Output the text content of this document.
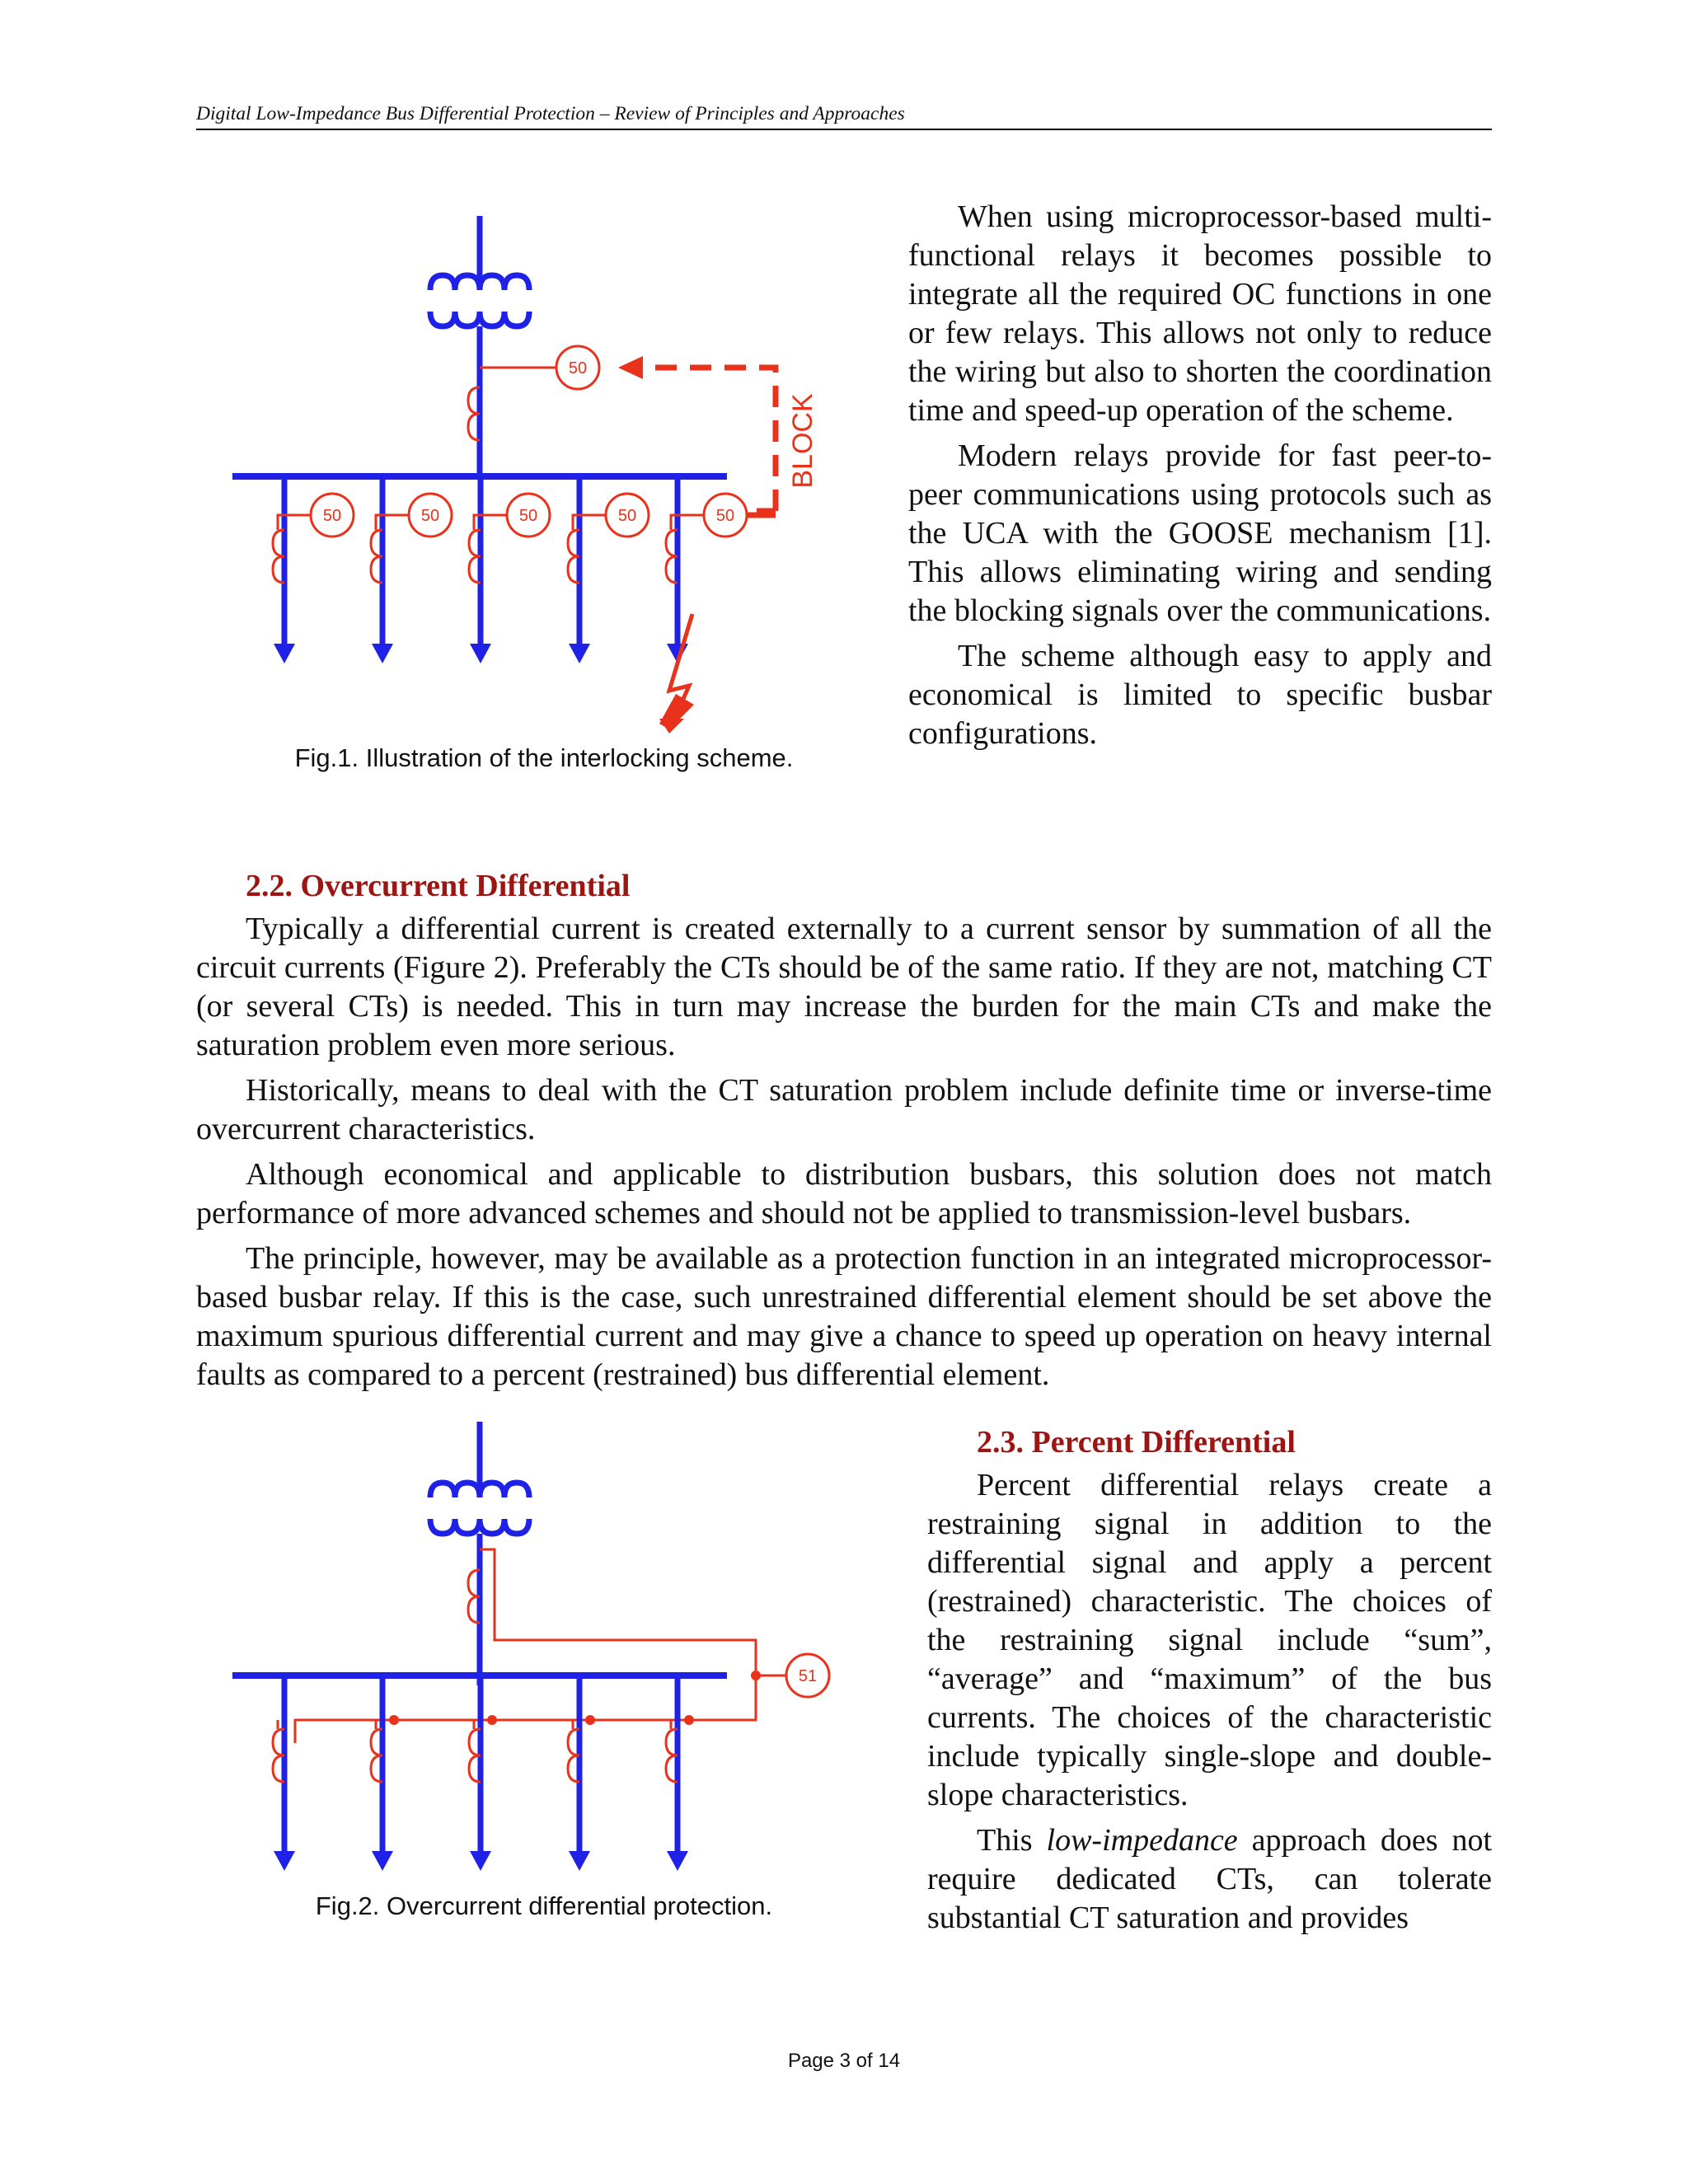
Digital Low-Impedance Bus Differential Protection – Review of Principles and Approaches
50
BLOCK
50	50	50	50	50
Fig.1. Illustration of the interlocking scheme.

When using microprocessor-based multi-functional relays it becomes possible to integrate all the required OC functions in one or few relays. This allows not only to reduce the wiring but also to shorten the coordination time and speed-up operation of the scheme.

Modern relays provide for fast peer-to-peer communications using protocols such as the UCA with the GOOSE mechanism [1]. This allows eliminating wiring and sending the blocking signals over the communications.

The scheme although easy to apply and economical is limited to specific busbar configurations.

2.2. Overcurrent Differential

Typically a differential current is created externally to a current sensor by summation of all the circuit currents (Figure 2). Preferably the CTs should be of the same ratio. If they are not, matching CT (or several CTs) is needed. This in turn may increase the burden for the main CTs and make the saturation problem even more serious.

Historically, means to deal with the CT saturation problem include definite time or inverse-time overcurrent characteristics.

Although economical and applicable to distribution busbars, this solution does not match performance of more advanced schemes and should not be applied to transmission-level busbars.

The principle, however, may be available as a protection function in an integrated microprocessor-based busbar relay. If this is the case, such unrestrained differential element should be set above the maximum spurious differential current and may give a chance to speed up operation on heavy internal faults as compared to a percent (restrained) bus differential element.

51
Fig.2. Overcurrent differential protection.
2.3. Percent Differential

Percent differential relays create a restraining signal in addition to the differential signal and apply a percent (restrained) characteristic. The choices of the restraining signal include “sum”, “average” and “maximum” of the bus currents. The choices of the characteristic include typically single-slope and double-slope characteristics.

This low-impedance approach does not require dedicated CTs, can tolerate substantial CT saturation and provides

Page 3 of 14
